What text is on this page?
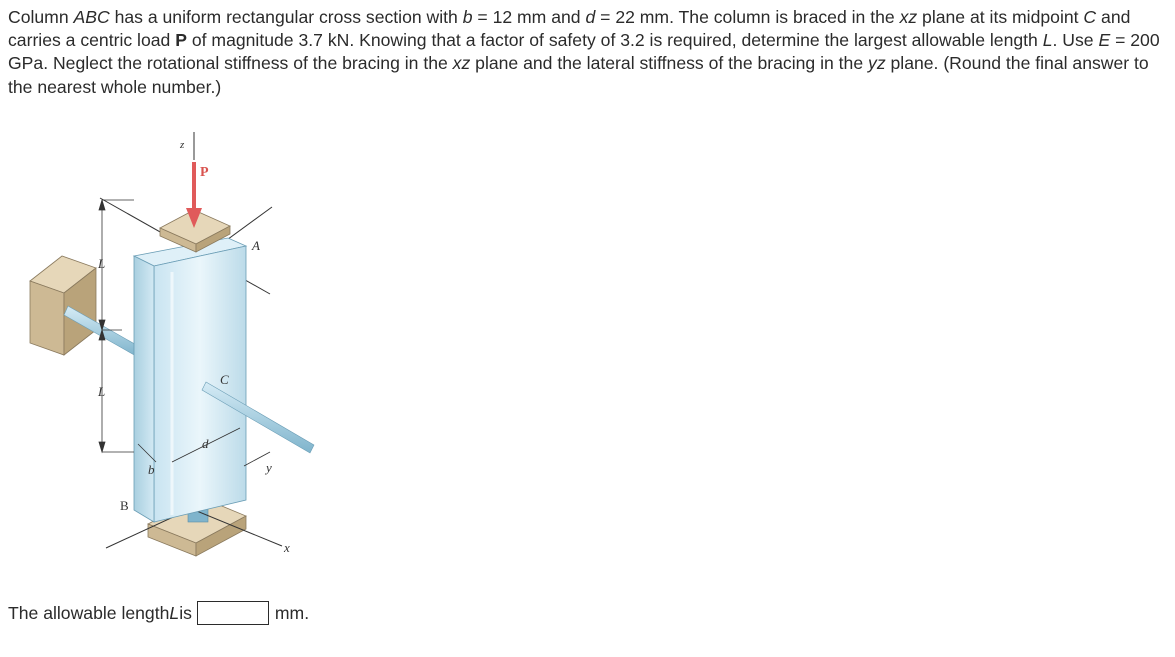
Column ABC has a uniform rectangular cross section with b = 12 mm and d = 22 mm. The column is braced in the xz plane at its midpoint C and carries a centric load P of magnitude 3.7 kN. Knowing that a factor of safety of 3.2 is required, determine the largest allowable length L. Use E = 200 GPa. Neglect the rotational stiffness of the bracing in the xz plane and the lateral stiffness of the bracing in the yz plane. (Round the final answer to the nearest whole number.)
z
P
A
L
L
C
d
b	y
B
x
The allowable length L is	mm.
